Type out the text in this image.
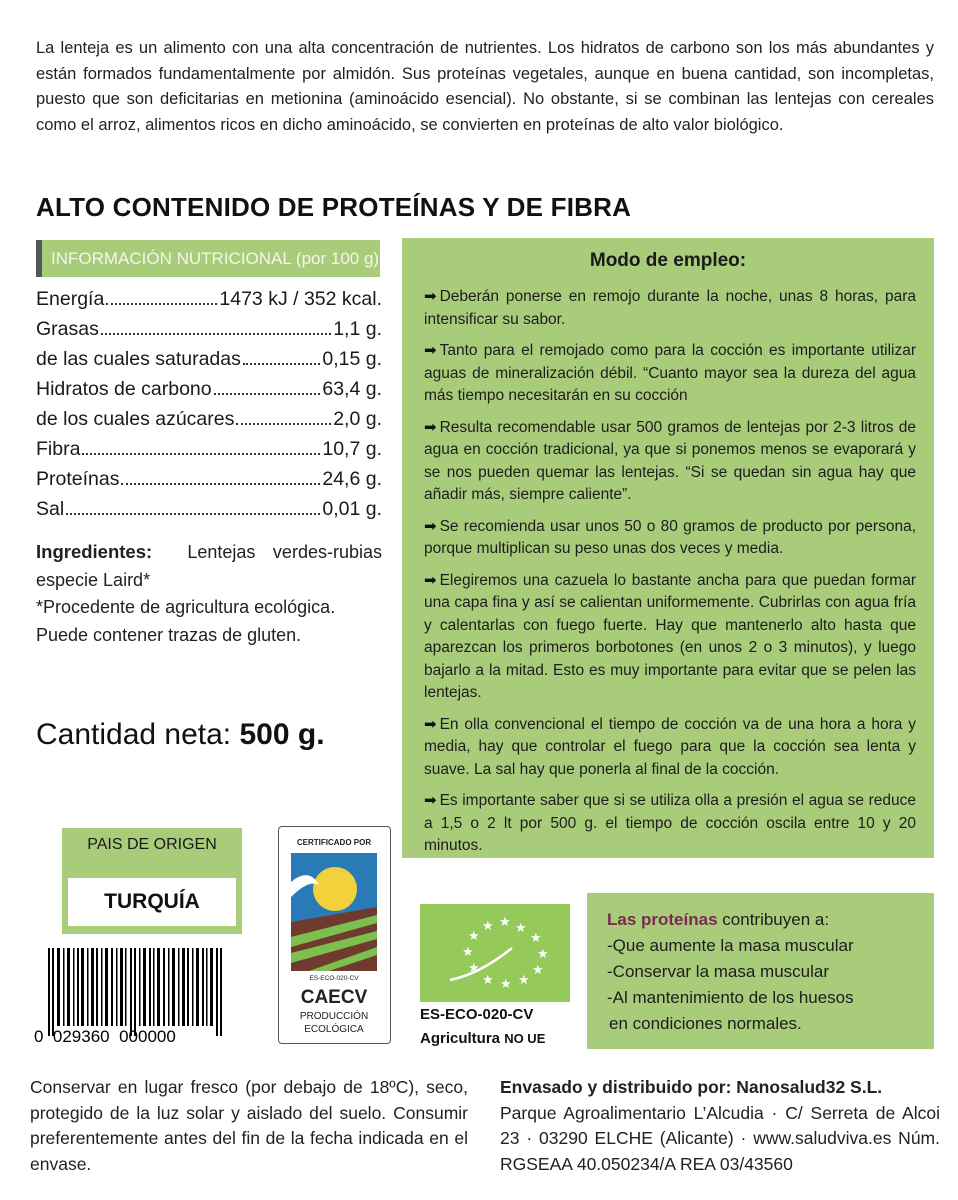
La lenteja es un alimento con una alta concentración de nutrientes. Los hidratos de carbono son los más abundantes y están formados fundamentalmente por almidón. Sus proteínas vegetales, aunque en buena cantidad, son incompletas, puesto que son deficitarias en metionina (aminoácido esencial). No obstante, si se combinan las lentejas con cereales como el arroz, alimentos ricos en dicho aminoácido, se convierten en proteínas de alto valor biológico.
ALTO CONTENIDO DE PROTEÍNAS Y DE FIBRA
INFORMACIÓN NUTRICIONAL (por 100 g)
Energía	1473 kJ / 352 kcal.
Grasas	1,1 g.
de las cuales saturadas	0,15 g.
Hidratos de carbono	63,4 g.
de los cuales azúcares	2,0 g.
Fibra	10,7 g.
Proteínas	24,6 g.
Sal	0,01 g.
Ingredientes: Lentejas verdes-rubias especie Laird*
*Procedente de agricultura ecológica.
Puede contener trazas de gluten.
Cantidad neta: 500 g.
PAIS DE ORIGEN
TURQUÍA
0  029360  000000
CERTIFICADO POR
ES-ECO-020-CV
CAECV
PRODUCCIÓN
ECOLÓGICA
Modo de empleo:

➡ Deberán ponerse en remojo durante la noche, unas 8 horas, para intensificar su sabor.

➡ Tanto para el remojado como para la cocción es importante utilizar aguas de mineralización débil. “Cuanto mayor sea la dureza del agua más tiempo necesitarán en su cocción

➡ Resulta recomendable usar 500 gramos de lentejas por 2-3 litros de agua en cocción tradicional, ya que si ponemos menos se evaporará y se nos pueden quemar las lentejas. “Si se quedan sin agua hay que añadir más, siempre caliente”.

➡ Se recomienda usar unos 50 o 80 gramos de producto por persona, porque multiplican su peso unas dos veces y media.

➡ Elegiremos una cazuela lo bastante ancha para que puedan formar una capa fina y así se calientan uniformemente. Cubrirlas con agua fría y calentarlas con fuego fuerte. Hay que mantenerlo alto hasta que aparezcan los primeros borbotones (en unos 2 o 3 minutos), y luego bajarlo a la mitad. Esto es muy importante para evitar que se pelen las lentejas.

➡ En olla convencional el tiempo de cocción va de una hora a hora y media, hay que controlar el fuego para que la cocción sea lenta y suave. La sal hay que ponerla al final de la cocción.

➡ Es importante saber que si se utiliza olla a presión el agua se reduce a 1,5 o 2 lt por 500 g. el tiempo de cocción oscila entre 10 y 20 minutos.

★
★
★
★
★
★
★
★
★
★
★ ★
ES-ECO-020-CV
Agricultura NO UE
Las proteínas contribuyen a:
-Que aumente la masa muscular
-Conservar la masa muscular
-Al mantenimiento de los huesos
en condiciones normales.
Conservar en lugar fresco (por debajo de 18ºC), seco, protegido de la luz solar y aislado del suelo. Consumir preferentemente antes del fin de la fecha indicada en el envase.
Envasado y distribuido por: Nanosalud32 S.L.
Parque Agroalimentario L’Alcudia · C/ Serreta de Alcoi 23 · 03290 ELCHE (Alicante) · www.saludviva.es Núm. RGSEAA 40.050234/A REA 03/43560
